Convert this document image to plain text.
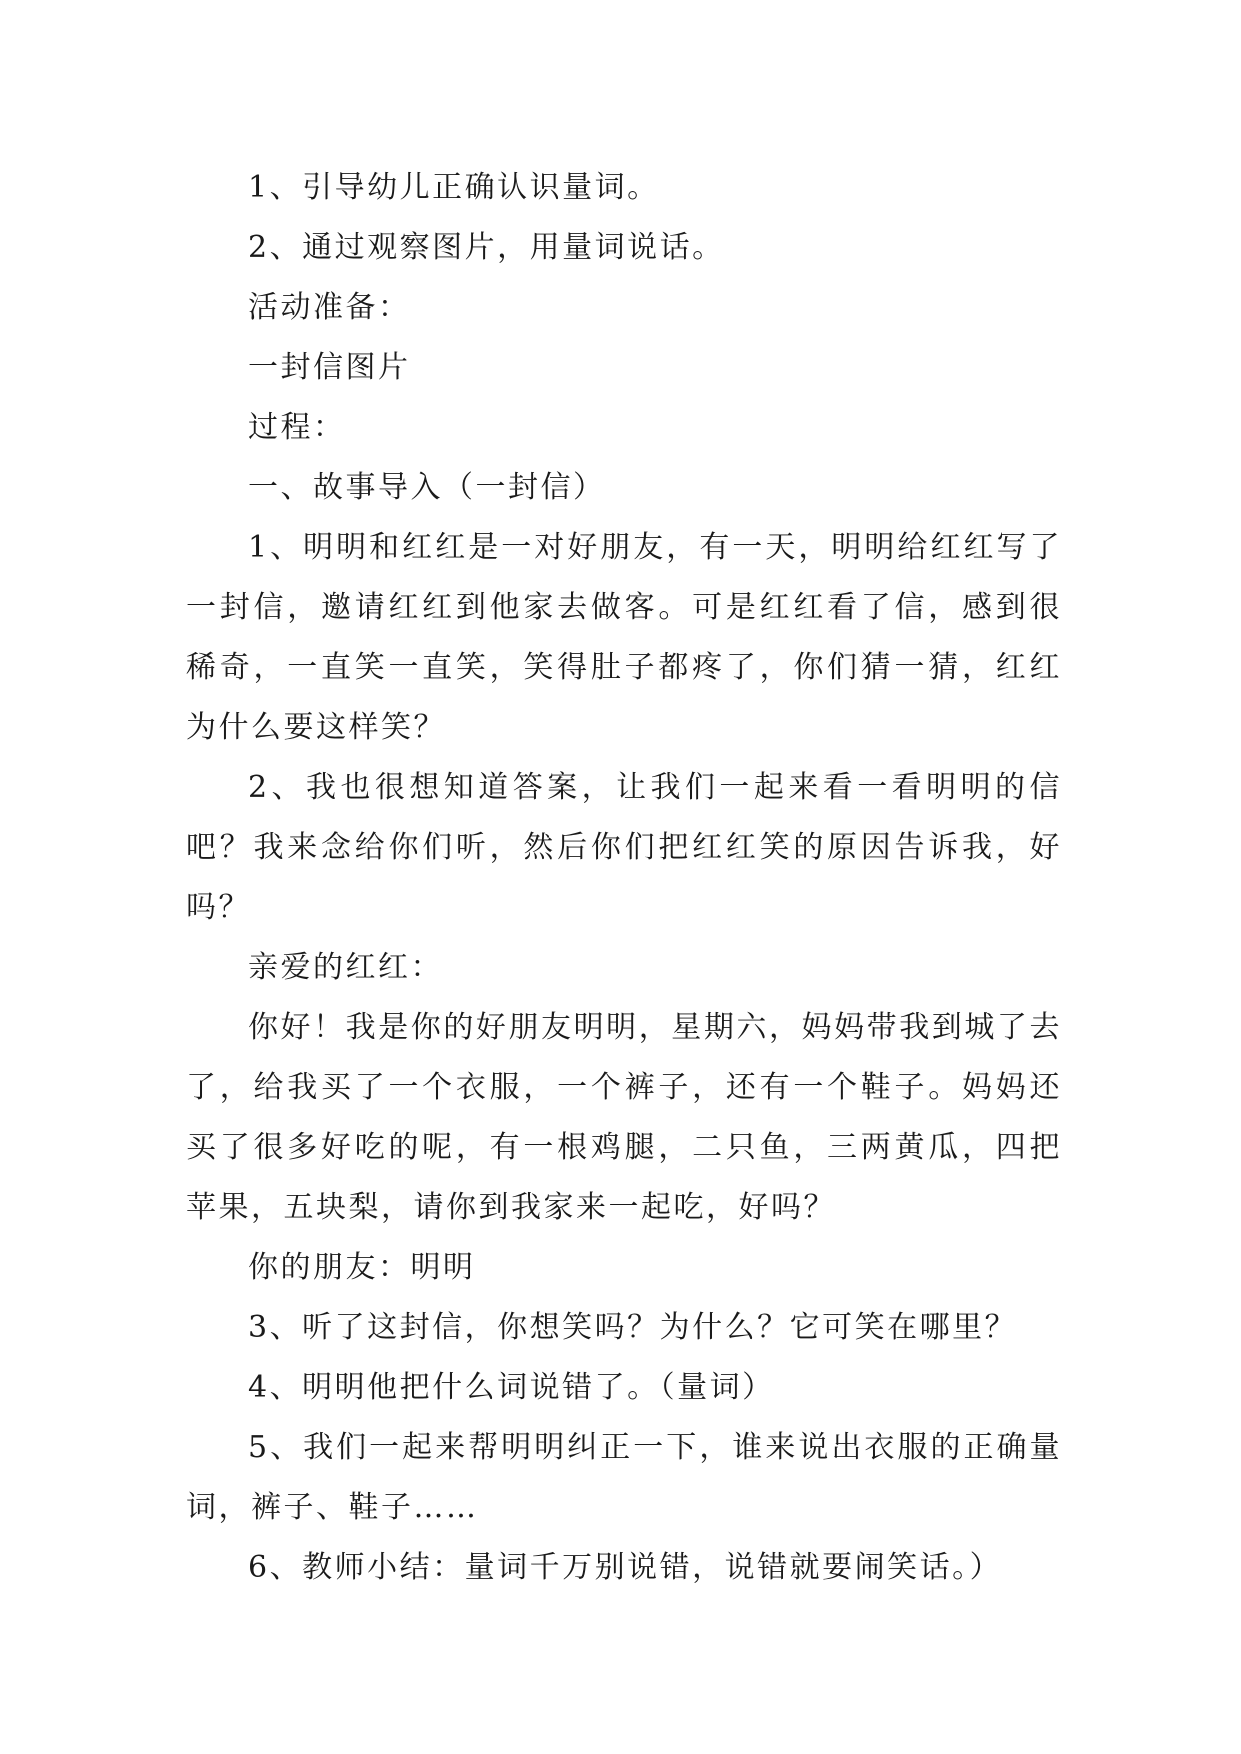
1、引导幼儿正确认识量词。

2、通过观察图片，用量词说话。

活动准备：

一封信图片

过程：

一、故事导入（一封信）

1、明明和红红是一对好朋友，有一天，明明给红红写了一封信，邀请红红到他家去做客。可是红红看了信，感到很稀奇，一直笑一直笑，笑得肚子都疼了，你们猜一猜，红红为什么要这样笑？

2、我也很想知道答案，让我们一起来看一看明明的信吧？我来念给你们听，然后你们把红红笑的原因告诉我，好吗？

亲爱的红红：

你好！我是你的好朋友明明，星期六，妈妈带我到城了去了，给我买了一个衣服，一个裤子，还有一个鞋子。妈妈还买了很多好吃的呢，有一根鸡腿，二只鱼，三两黄瓜，四把苹果，五块梨，请你到我家来一起吃，好吗？

你的朋友：明明

3、听了这封信，你想笑吗？为什么？它可笑在哪里？

4、明明他把什么词说错了。（量词）

5、我们一起来帮明明纠正一下，谁来说出衣服的正确量词，裤子、鞋子……

6、教师小结：量词千万别说错，说错就要闹笑话。）
